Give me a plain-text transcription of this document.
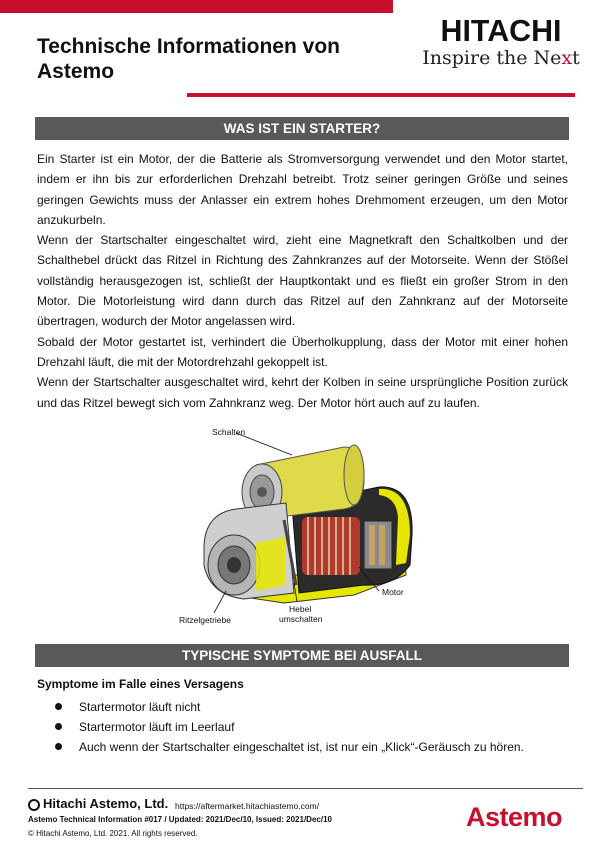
Technische Informationen von Astemo
HITACHI
Inspire the Next
WAS IST EIN STARTER?

Ein Starter ist ein Motor, der die Batterie als Stromversorgung verwendet und den Motor startet, indem er ihn bis zur erforderlichen Drehzahl betreibt. Trotz seiner geringen Größe und seines geringen Gewichts muss der Anlasser ein extrem hohes Drehmoment erzeugen, um den Motor anzukurbeln.

Wenn der Startschalter eingeschaltet wird, zieht eine Magnetkraft den Schaltkolben und der Schalthebel drückt das Ritzel in Richtung des Zahnkranzes auf der Motorseite. Wenn der Stößel vollständig herausgezogen ist, schließt der Hauptkontakt und es fließt ein großer Strom in den Motor. Die Motorleistung wird dann durch das Ritzel auf den Zahnkranz auf der Motorseite übertragen, wodurch der Motor angelassen wird.

Sobald der Motor gestartet ist, verhindert die Überholkupplung, dass der Motor mit einer hohen Drehzahl läuft, die mit der Motordrehzahl gekoppelt ist.

Wenn der Startschalter ausgeschaltet wird, kehrt der Kolben in seine ursprüngliche Position zurück und das Ritzel bewegt sich vom Zahnkranz weg. Der Motor hört auch auf zu laufen.

Schalten
Motor
Hebel
umschalten
Ritzelgetriebe
TYPISCHE SYMPTOME BEI AUSFALL
Symptome im Falle eines Versagens
Startermotor läuft nicht
Startermotor läuft im Leerlauf
Auch wenn der Startschalter eingeschaltet ist, ist nur ein „Klick“-Geräusch zu hören.
Hitachi Astemo, Ltd. https://aftermarket.hitachiastemo.com/
Astemo Technical Information #017 / Updated: 2021/Dec/10, Issued: 2021/Dec/10
© Hitachi Astemo, Ltd. 2021. All rights reserved.
Astemo
